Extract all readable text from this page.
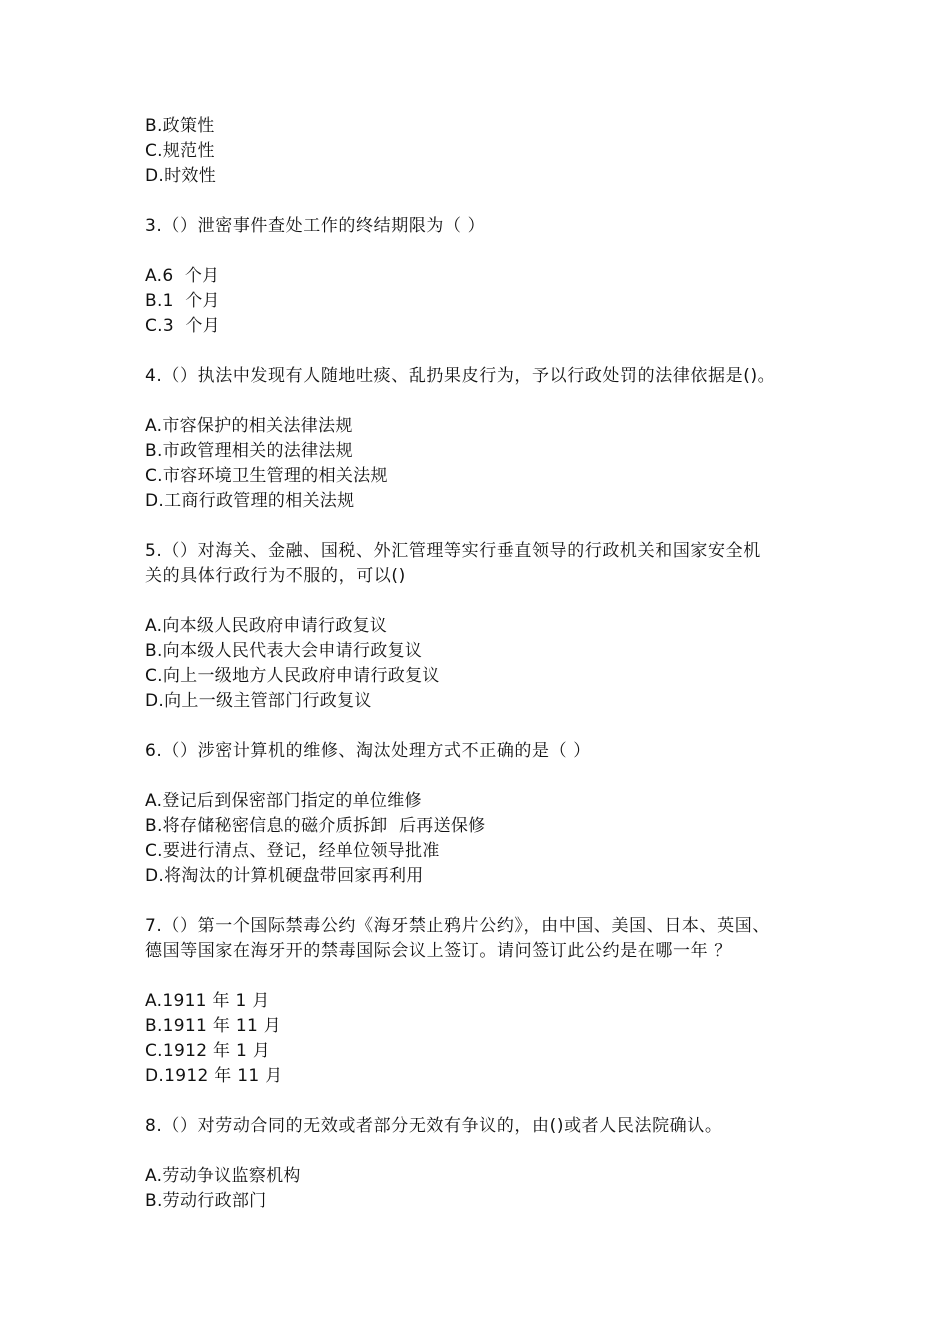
B.政策性
C.规范性
D.时效性
3.（）泄密事件查处工作的终结期限为（ ）
A.6  个月
B.1  个月
C.3  个月
4.（）执法中发现有人随地吐痰、乱扔果皮行为，予以行政处罚的法律依据是()。
A.市容保护的相关法律法规
B.市政管理相关的法律法规
C.市容环境卫生管理的相关法规
D.工商行政管理的相关法规
5.（）对海关、金融、国税、外汇管理等实行垂直领导的行政机关和国家安全机
关的具体行政行为不服的，可以()
A.向本级人民政府申请行政复议
B.向本级人民代表大会申请行政复议
C.向上一级地方人民政府申请行政复议
D.向上一级主管部门行政复议
6.（）涉密计算机的维修、淘汰处理方式不正确的是（ ）
A.登记后到保密部门指定的单位维修
B.将存储秘密信息的磁介质拆卸  后再送保修
C.要进行清点、登记，经单位领导批准
D.将淘汰的计算机硬盘带回家再利用
7.（）第一个国际禁毒公约《海牙禁止鸦片公约》，由中国、美国、日本、英国、
德国等国家在海牙开的禁毒国际会议上签订。请问签订此公约是在哪一年 ？
A.1911 年 1 月
B.1911 年 11 月
C.1912 年 1 月
D.1912 年 11 月
8.（）对劳动合同的无效或者部分无效有争议的，由()或者人民法院确认。
A.劳动争议监察机构
B.劳动行政部门
